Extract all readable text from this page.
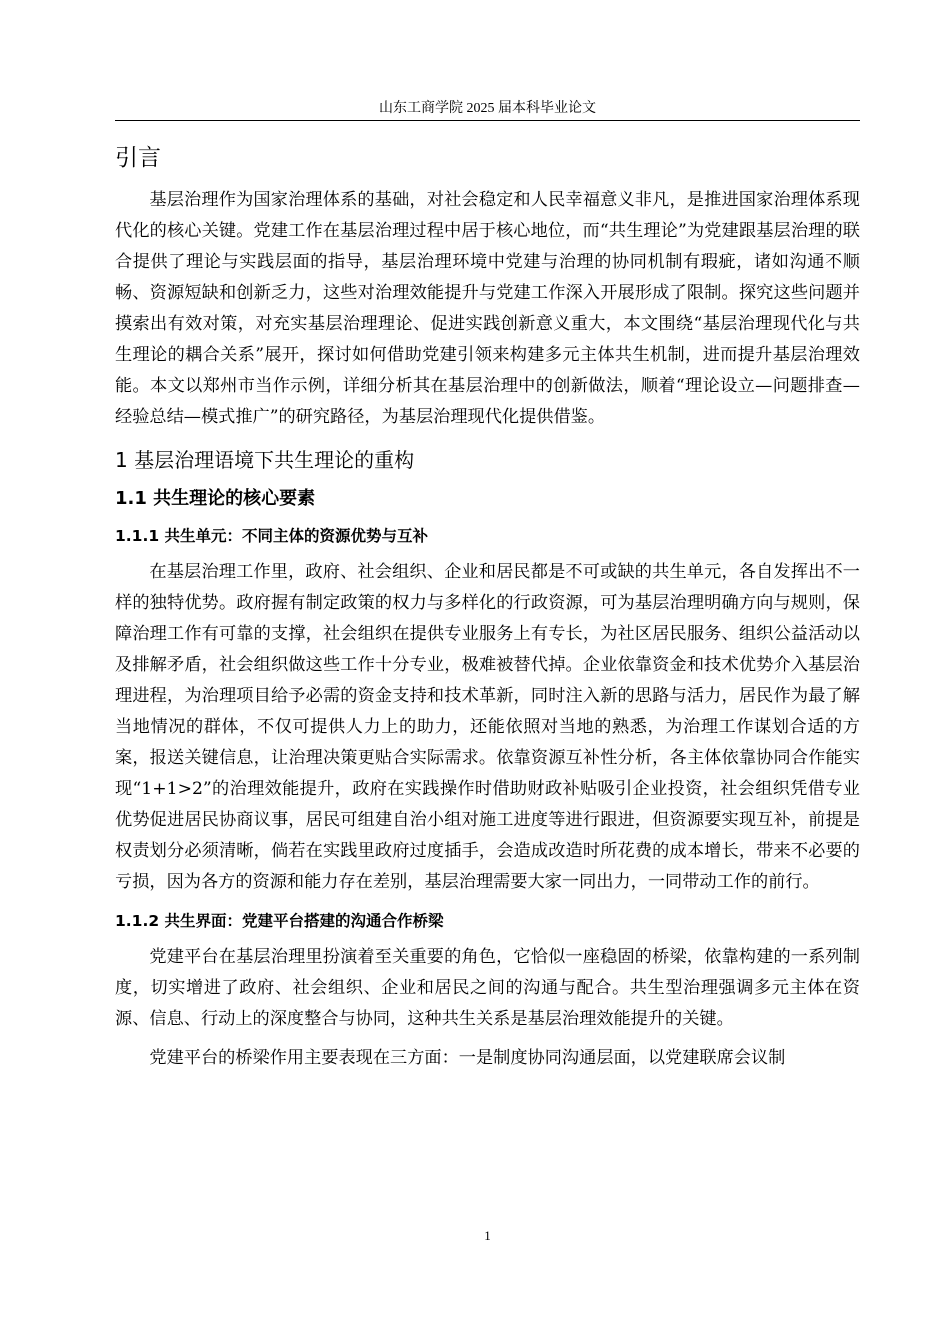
山东工商学院 2025 届本科毕业论文
引言

基层治理作为国家治理体系的基础，对社会稳定和人民幸福意义非凡，是推进国家治理体系现代化的核心关键。党建工作在基层治理过程中居于核心地位，而“共生理论”为党建跟基层治理的联合提供了理论与实践层面的指导，基层治理环境中党建与治理的协同机制有瑕疵，诸如沟通不顺畅、资源短缺和创新乏力，这些对治理效能提升与党建工作深入开展形成了限制。探究这些问题并摸索出有效对策，对充实基层治理理论、促进实践创新意义重大，本文围绕“基层治理现代化与共生理论的耦合关系”展开，探讨如何借助党建引领来构建多元主体共生机制，进而提升基层治理效能。本文以郑州市当作示例，详细分析其在基层治理中的创新做法，顺着“理论设立—问题排查—经验总结—模式推广”的研究路径，为基层治理现代化提供借鉴。

1 基层治理语境下共生理论的重构
1.1 共生理论的核心要素
1.1.1 共生单元：不同主体的资源优势与互补

在基层治理工作里，政府、社会组织、企业和居民都是不可或缺的共生单元，各自发挥出不一样的独特优势。政府握有制定政策的权力与多样化的行政资源，可为基层治理明确方向与规则，保障治理工作有可靠的支撑，社会组织在提供专业服务上有专长，为社区居民服务、组织公益活动以及排解矛盾，社会组织做这些工作十分专业，极难被替代掉。企业依靠资金和技术优势介入基层治理进程，为治理项目给予必需的资金支持和技术革新，同时注入新的思路与活力，居民作为最了解当地情况的群体，不仅可提供人力上的助力，还能依照对当地的熟悉，为治理工作谋划合适的方案，报送关键信息，让治理决策更贴合实际需求。依靠资源互补性分析，各主体依靠协同合作能实现“1+1>2”的治理效能提升，政府在实践操作时借助财政补贴吸引企业投资，社会组织凭借专业优势促进居民协商议事，居民可组建自治小组对施工进度等进行跟进，但资源要实现互补，前提是权责划分必须清晰，倘若在实践里政府过度插手，会造成改造时所花费的成本增长，带来不必要的亏损，因为各方的资源和能力存在差别，基层治理需要大家一同出力，一同带动工作的前行。

1.1.2 共生界面：党建平台搭建的沟通合作桥梁

党建平台在基层治理里扮演着至关重要的角色，它恰似一座稳固的桥梁，依靠构建的一系列制度，切实增进了政府、社会组织、企业和居民之间的沟通与配合。共生型治理强调多元主体在资源、信息、行动上的深度整合与协同，这种共生关系是基层治理效能提升的关键。

党建平台的桥梁作用主要表现在三方面：一是制度协同沟通层面，以党建联席会议制

1
